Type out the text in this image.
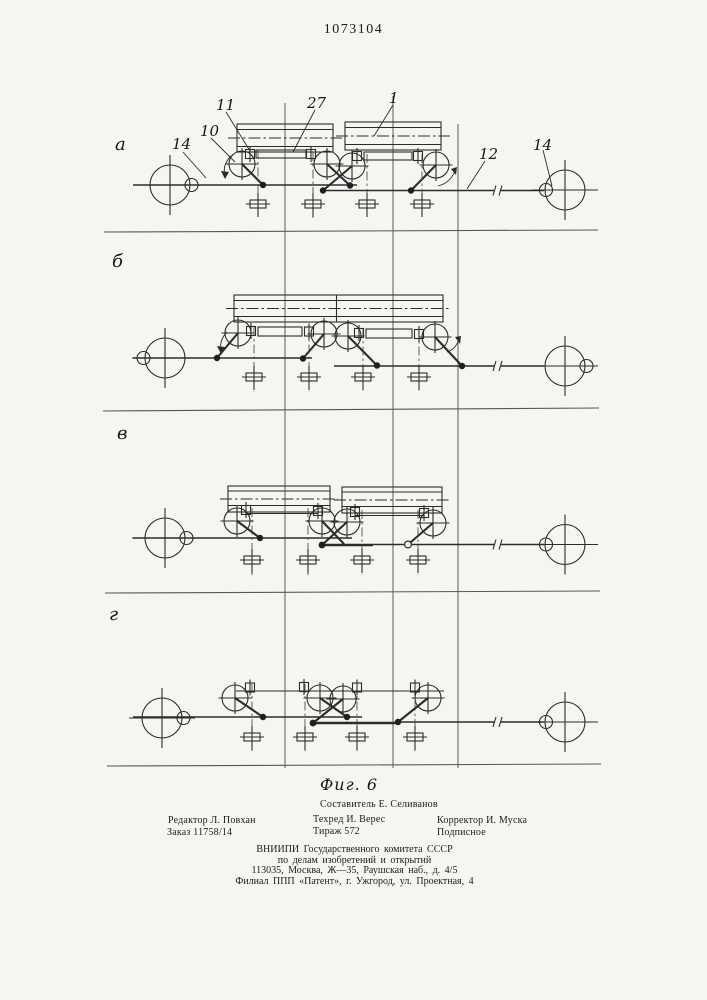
1073104
а	14
10
11	27	1
12 14
б
в
г
Фиг. 6
Составитель Е. Селиванов
Редактор Л. Повхан	Техред И. Верес	Корректор И. Муска
Заказ 11758/14	Тираж 572	Подписное
ВНИИПИ Государственного комитета СССР
по делам изобретений и открытий
113035, Москва, Ж—35, Раушская наб., д. 4/5
Филиал ППП «Патент», г. Ужгород, ул. Проектная, 4
